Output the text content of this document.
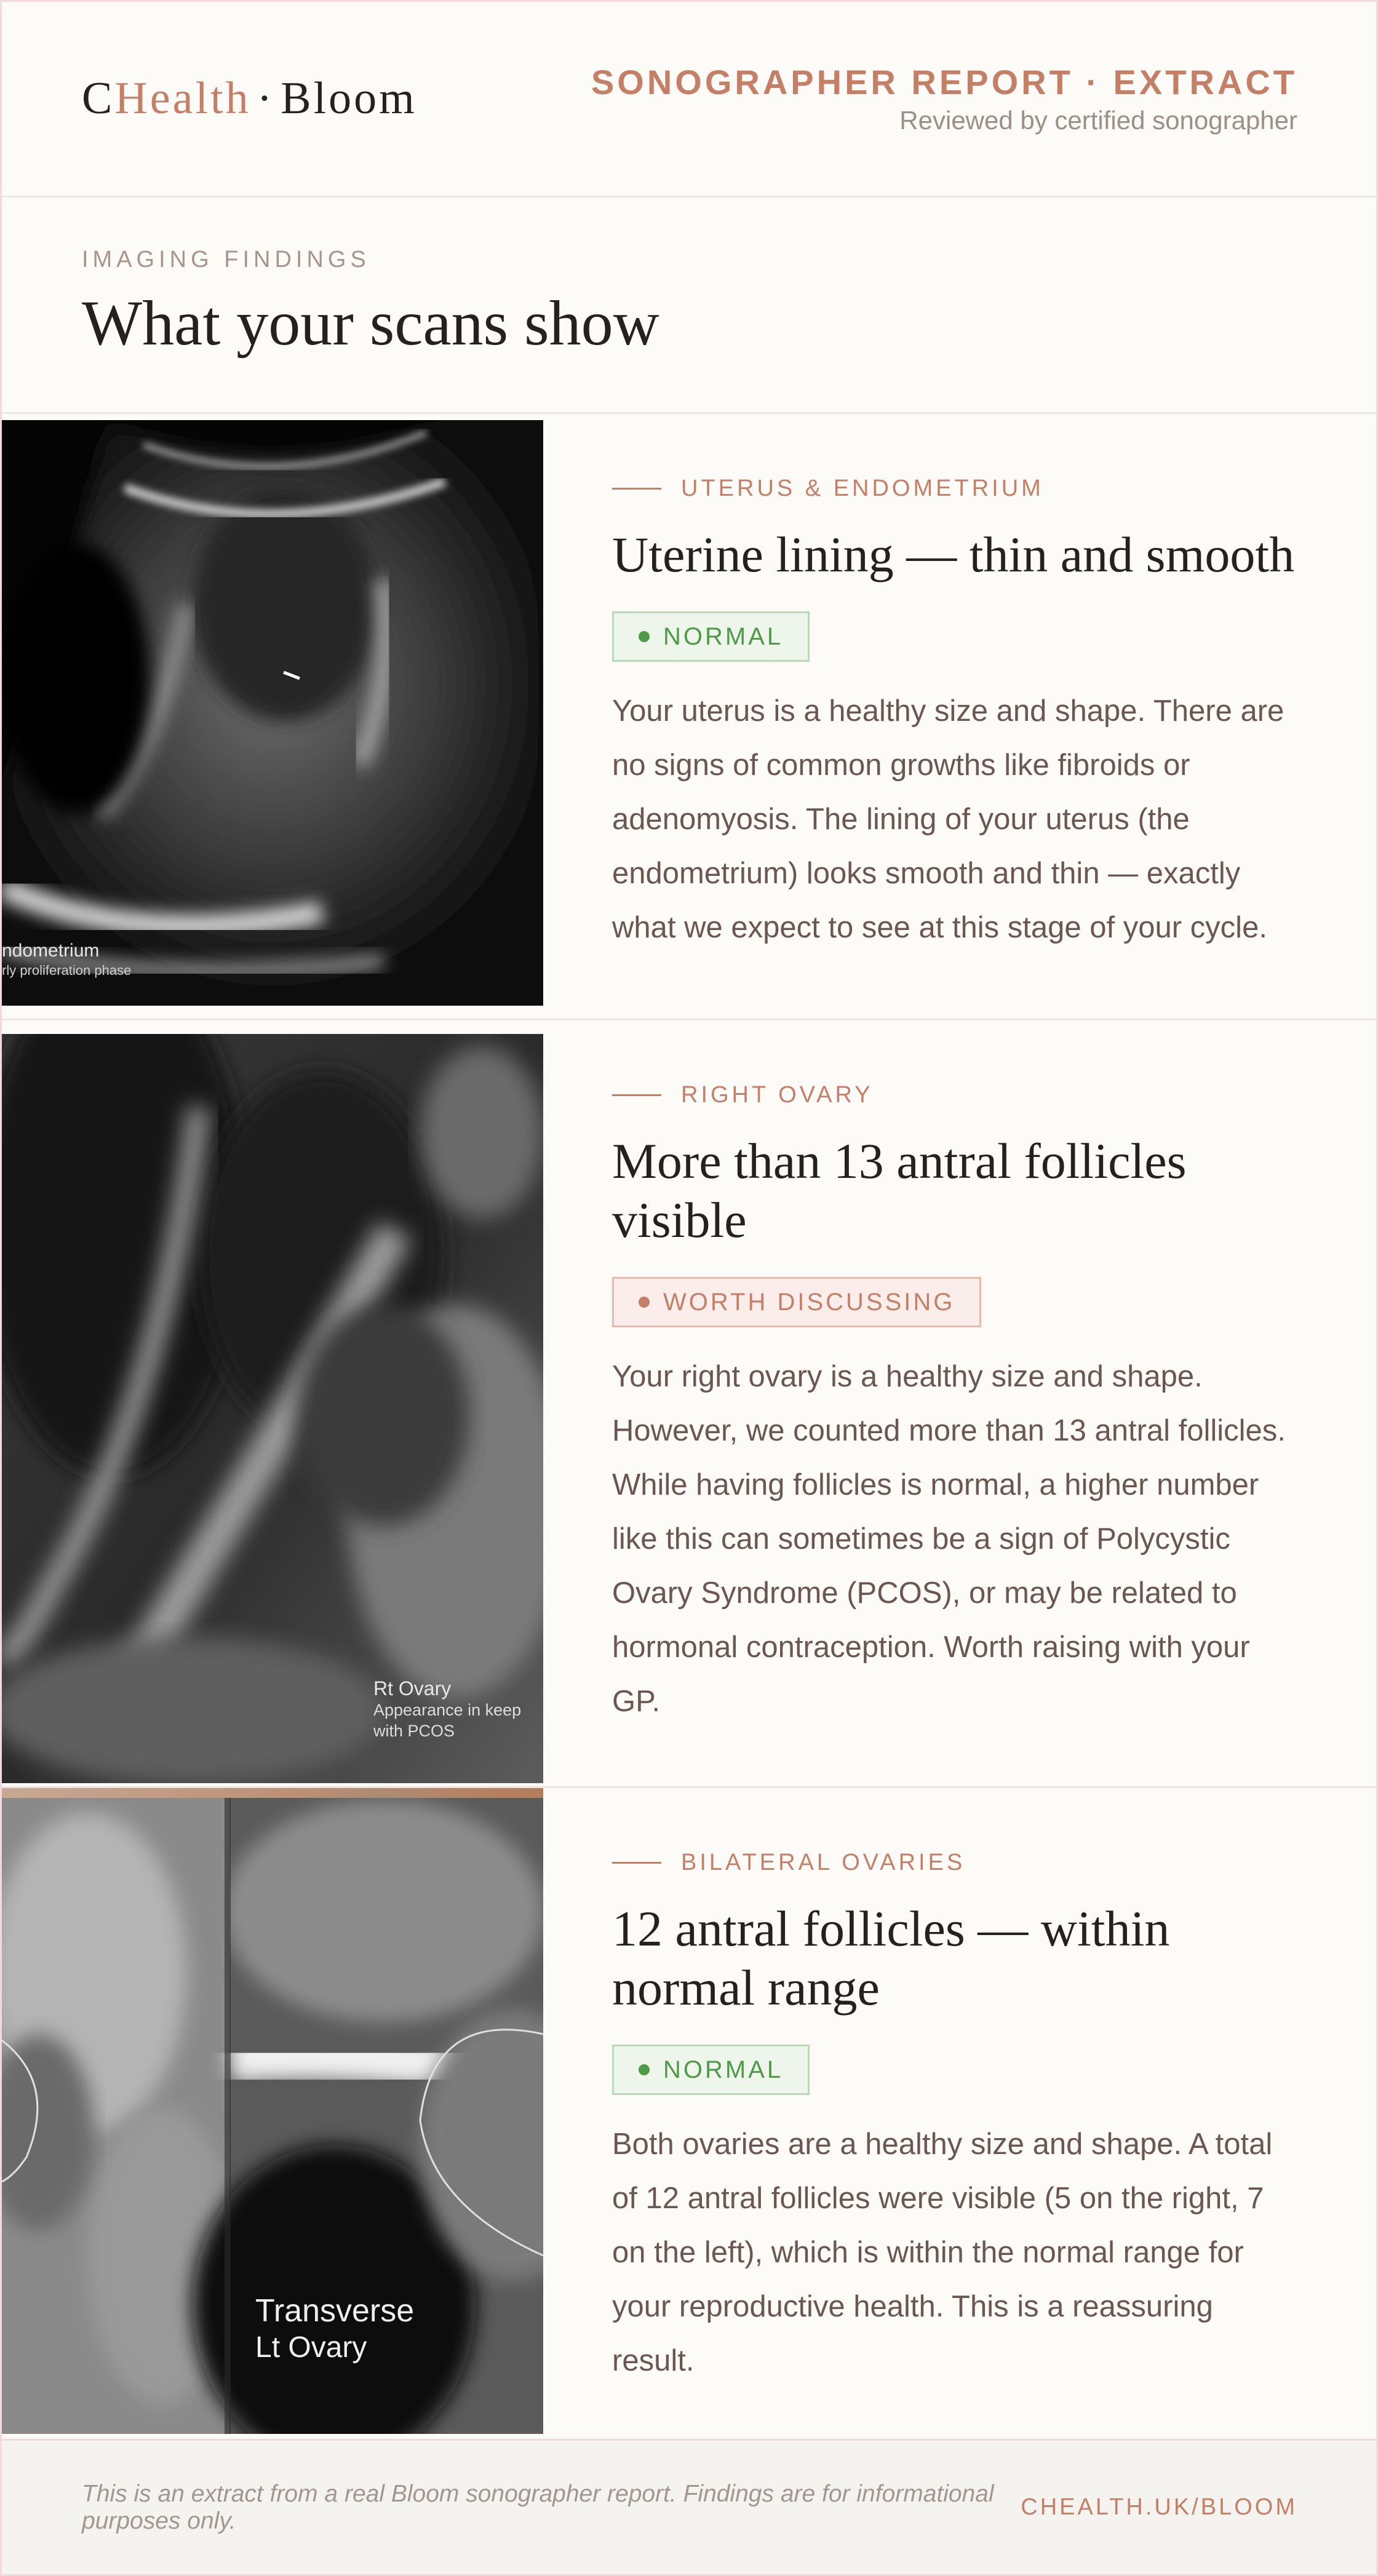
CHealth · Bloom	SONOGRAPHER REPORT · EXTRACT
Reviewed by certified sonographer
IMAGING FINDINGS
What your scans show
ndometrium
rly proliferation phase
UTERUS & ENDOMETRIUM
Uterine lining — thin and smooth
NORMAL
Your uterus is a healthy size and shape. There are no signs of common growths like fibroids or adenomyosis. The lining of your uterus (the endometrium) looks smooth and thin — exactly what we expect to see at this stage of your cycle.
Rt Ovary
Appearance in keep
with PCOS
RIGHT OVARY
More than 13 antral follicles visible
WORTH DISCUSSING
Your right ovary is a healthy size and shape. However, we counted more than 13 antral follicles. While having follicles is normal, a higher number like this can sometimes be a sign of Polycystic Ovary Syndrome (PCOS), or may be related to hormonal contraception. Worth raising with your GP.
Transverse
Lt Ovary
BILATERAL OVARIES
12 antral follicles — within normal range
NORMAL
Both ovaries are a healthy size and shape. A total of 12 antral follicles were visible (5 on the right, 7 on the left), which is within the normal range for your reproductive health. This is a reassuring result.
This is an extract from a real Bloom sonographer report. Findings are for informational purposes only.
CHEALTH.UK/BLOOM
